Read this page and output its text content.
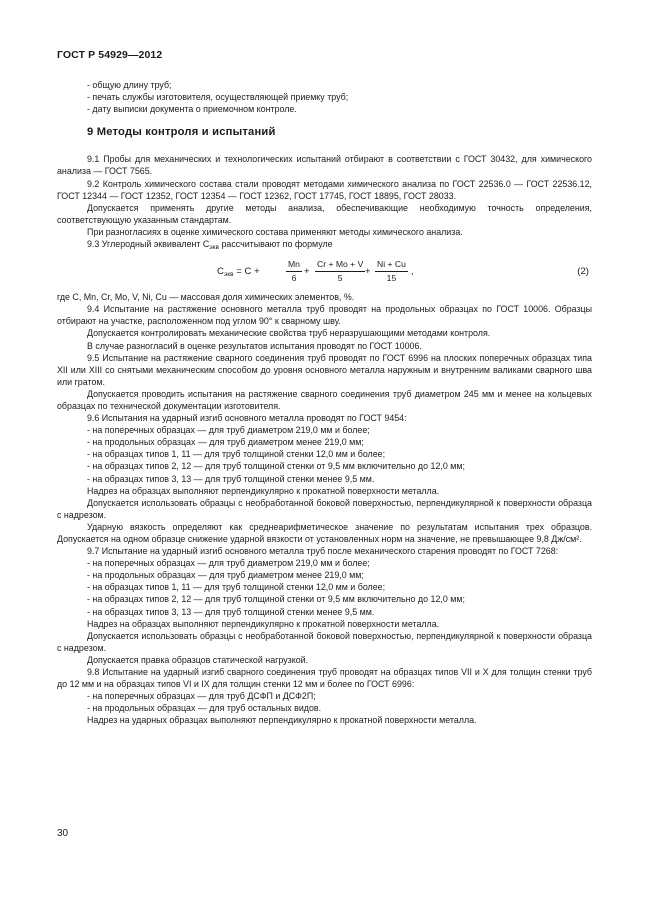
ГОСТ Р 54929—2012

- общую длину труб;

- печать службы изготовителя, осуществляющей приемку труб;

- дату выписки документа о приемочном контроле.

9 Методы контроля и испытаний

9.1 Пробы для механических и технологических испытаний отбирают в соответствии с ГОСТ 30432, для химического анализа — ГОСТ 7565.

9.2 Контроль химического состава стали проводят методами химического анализа по ГОСТ 22536.0 — ГОСТ 22536.12, ГОСТ 12344 — ГОСТ 12352, ГОСТ 12354 — ГОСТ 12362, ГОСТ 17745, ГОСТ 18895, ГОСТ 28033.

Допускается применять другие методы анализа, обеспечивающие необходимую точность определения, соответствующую указанным стандартам.

При разногласиях в оценке химического состава применяют методы химического анализа.

9.3 Углеродный эквивалент $C_{экв}$ рассчитывают по формуле

$C_{экв} = C$ +	$\frac{Mn}{6} + \frac{Cr + Mo + V}{5} + \frac{Ni + Cu}{15}$ ,	(2)

где C, Mn, Cr, Mo, V, Ni, Cu — массовая доля химических элементов, %.

9.4 Испытание на растяжение основного металла труб проводят на продольных образцах по ГОСТ 10006. Образцы отбирают на участке, расположенном под углом 90° к сварному шву.

Допускается контролировать механические свойства труб неразрушающими методами контроля.

В случае разногласий в оценке результатов испытания проводят по ГОСТ 10006.

9.5 Испытание на растяжение сварного соединения труб проводят по ГОСТ 6996 на плоских поперечных образцах типа XII или XIII со снятыми механическим способом до уровня основного металла наружным и внутренним валиками сварного шва или гратом.

Допускается проводить испытания на растяжение сварного соединения труб диаметром 245 мм и менее на кольцевых образцах по технической документации изготовителя.

9.6 Испытания на ударный изгиб основного металла проводят по ГОСТ 9454:

- на поперечных образцах — для труб диаметром 219,0 мм и более;

- на продольных образцах — для труб диаметром менее 219,0 мм;

- на образцах типов 1, 11 — для труб толщиной стенки 12,0 мм и более;

- на образцах типов 2, 12 — для труб толщиной стенки от 9,5 мм включительно до 12,0 мм;

- на образцах типов 3, 13 — для труб толщиной стенки менее 9,5 мм.

Надрез на образцах выполняют перпендикулярно к прокатной поверхности металла.

Допускается использовать образцы с необработанной боковой поверхностью, перпендикулярной к поверхности образца с надрезом.

Ударную вязкость определяют как среднеарифметическое значение по результатам испытания трех образцов. Допускается на одном образце снижение ударной вязкости от установленных норм на значение, не превышающее 9,8 Дж/см².

9.7 Испытание на ударный изгиб основного металла труб после механического старения проводят по ГОСТ 7268:

- на поперечных образцах — для труб диаметром 219,0 мм и более;

- на продольных образцах — для труб диаметром менее 219,0 мм;

- на образцах типов 1, 11 — для труб толщиной стенки 12,0 мм и более;

- на образцах типов 2, 12 — для труб толщиной стенки от 9,5 мм включительно до 12,0 мм;

- на образцах типов 3, 13 — для труб толщиной стенки менее 9,5 мм.

Надрез на образцах выполняют перпендикулярно к прокатной поверхности металла.

Допускается использовать образцы с необработанной боковой поверхностью, перпендикулярной к поверхности образца с надрезом.

Допускается правка образцов статической нагрузкой.

9.8 Испытание на ударный изгиб сварного соединения труб проводят на образцах типов VII и X для толщин стенки труб до 12 мм и на образцах типов VI и IX для толщин стенки 12 мм и более по ГОСТ 6996:

- на поперечных образцах — для труб ДСФП и ДСФ2П;

- на продольных образцах — для труб остальных видов.

Надрез на ударных образцах выполняют перпендикулярно к прокатной поверхности металла.

30
